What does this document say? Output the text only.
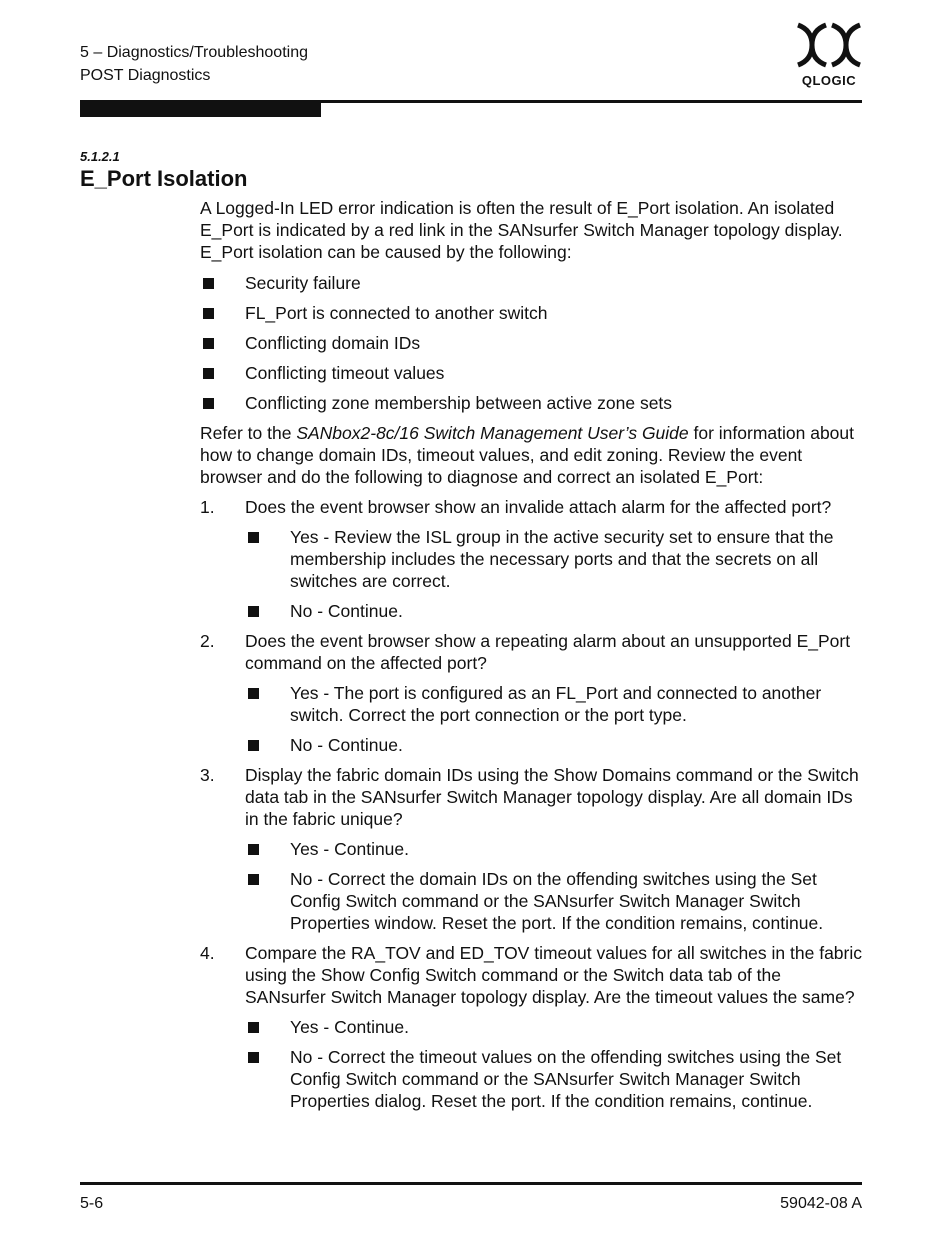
5 – Diagnostics/Troubleshooting
POST Diagnostics	QLOGIC
5.1.2.1
E_Port Isolation

A Logged-In LED error indication is often the result of E_Port isolation. An isolated E_Port is indicated by a red link in the SANsurfer Switch Manager topology display. E_Port isolation can be caused by the following:

Security failure
FL_Port is connected to another switch
Conflicting domain IDs
Conflicting timeout values
Conflicting zone membership between active zone sets

Refer to the SANbox2-8c/16 Switch Management User’s Guide for information about how to change domain IDs, timeout values, and edit zoning. Review the event browser and do the following to diagnose and correct an isolated E_Port:

1. Does the event browser show an invalide attach alarm for the affected port?
Yes - Review the ISL group in the active security set to ensure that the membership includes the necessary ports and that the secrets on all switches are correct.
No - Continue.
2. Does the event browser show a repeating alarm about an unsupported E_Port command on the affected port?
Yes - The port is configured as an FL_Port and connected to another switch. Correct the port connection or the port type.
No - Continue.
3. Display the fabric domain IDs using the Show Domains command or the Switch data tab in the SANsurfer Switch Manager topology display. Are all domain IDs in the fabric unique?
Yes - Continue.
No - Correct the domain IDs on the offending switches using the Set Config Switch command or the SANsurfer Switch Manager Switch Properties window. Reset the port. If the condition remains, continue.
4. Compare the RA_TOV and ED_TOV timeout values for all switches in the fabric using the Show Config Switch command or the Switch data tab of the SANsurfer Switch Manager topology display. Are the timeout values the same?
Yes - Continue.
No - Correct the timeout values on the offending switches using the Set Config Switch command or the SANsurfer Switch Manager Switch Properties dialog. Reset the port. If the condition remains, continue.
5-6	59042-08 A
